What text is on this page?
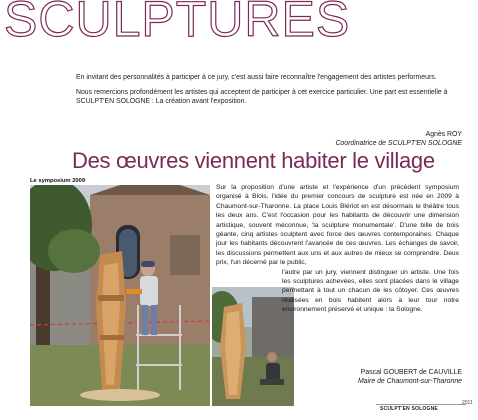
SCULPTURES

En invitant des personnalités à participer à ce jury, c'est aussi faire reconnaître l'engagement des artistes performeurs.

Nous remercions profondément les artistes qui acceptent de participer à cet exercice particulier. Une part est essentielle à SCULPT'EN SOLOGNE : La création avant l'exposition.

Agnès ROY
Coordinatrice de SCULPT'EN SOLOGNE
Des œuvres viennent habiter le village
Le symposium 2009
Sur la proposition d'une artiste et l'expérience d'un précédent symposium organisé à Blois, l'idée du premier concours de sculpture est née en 2009 à Chaumont-sur-Tharonne. La place Louis Blériot en est désormais le théâtre tous les deux ans. C'est l'occasion pour les habitants de découvrir une dimension artistique, souvent méconnue, 'la sculpture monumentale'. D'une bille de bois géante, cinq artistes sculptent avec force des œuvres contemporaines. Chaque jour les habitants découvrent l'avancée de ces œuvres. Les échanges de savoir, les discussions permettent aux uns et aux autres de mieux se comprendre. Deux prix, l'un décerné par le public,
l'autre par un jury, viennent distinguer un artiste. Une fois les sculptures achevées, elles sont placées dans le village permettant à tout un chacun de les côtoyer. Ces œuvres réalisées en bois habitent alors à leur tour notre environnement préservé et unique : la Sologne.
Pascal GOUBERT de CAUVILLE
Maire de Chaumont-sur-Tharonne
SCULPT'EN SOLOGNE
2011
